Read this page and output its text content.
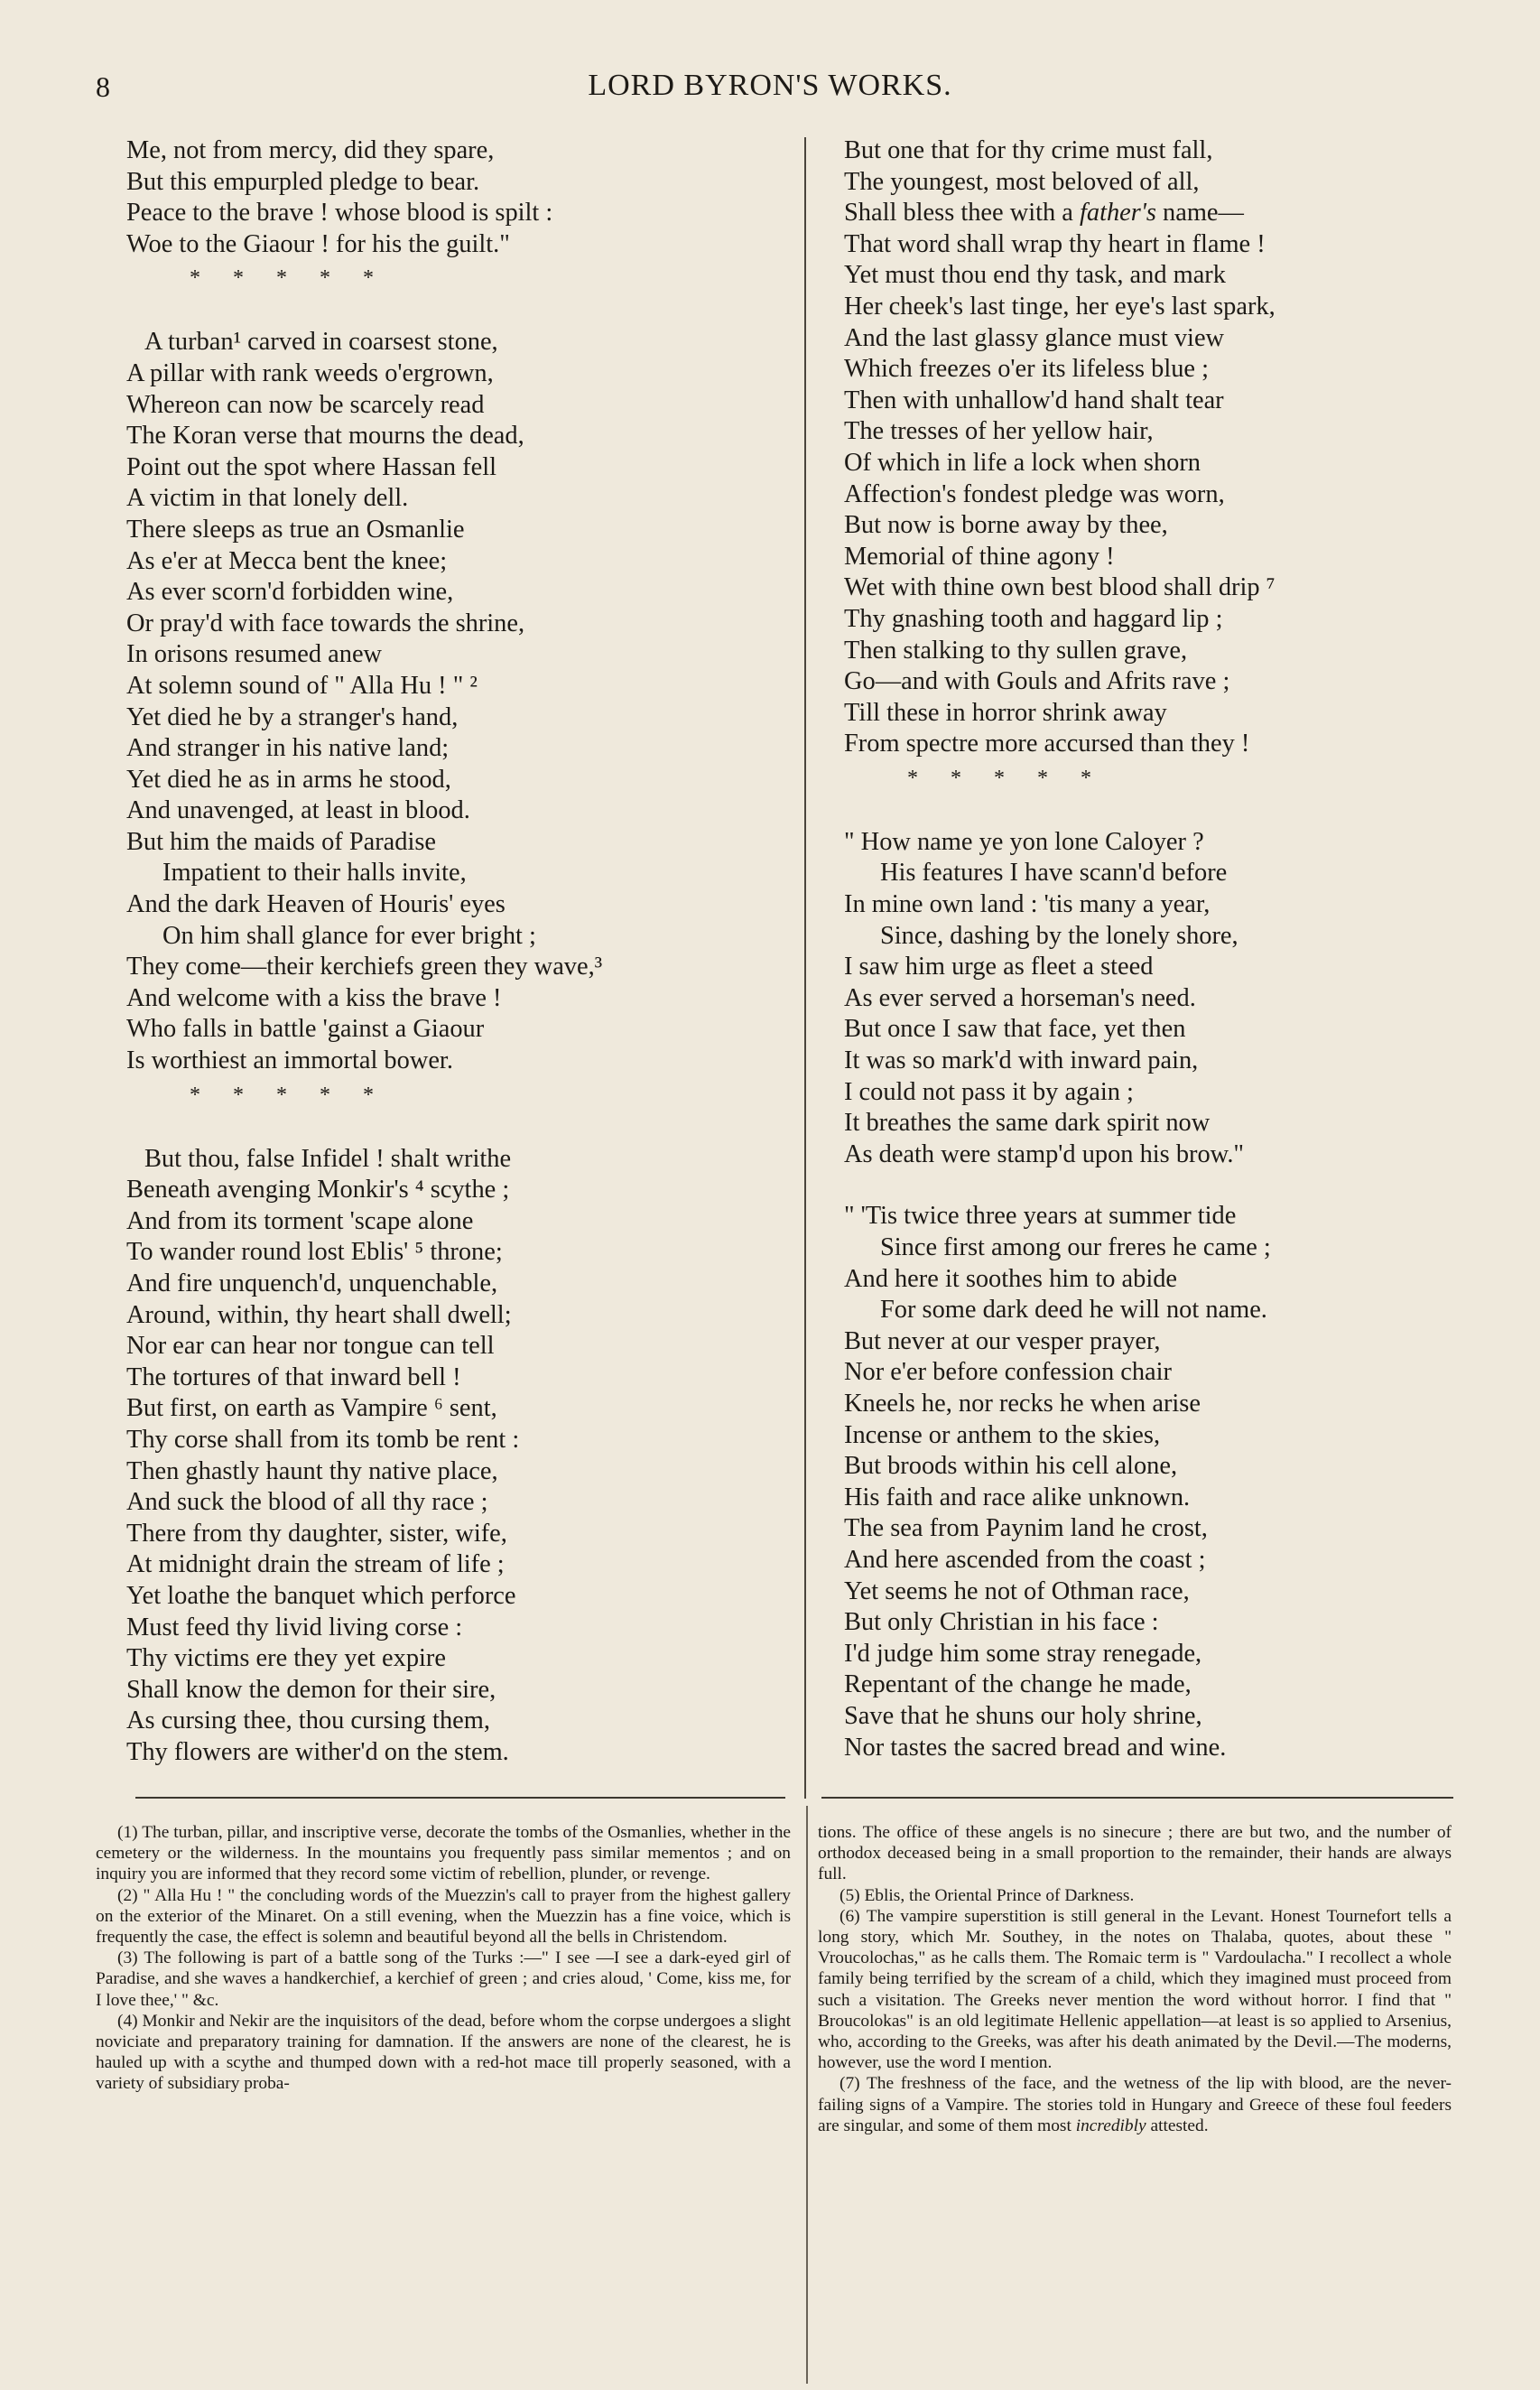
8	LORD BYRON'S WORKS.
Me, not from mercy, did they spare,
But this empurpled pledge to bear.
Peace to the brave ! whose blood is spilt :
Woe to the Giaour ! for his the guilt."
*      *      *      *      *
A turban¹ carved in coarsest stone,
A pillar with rank weeds o'ergrown,
Whereon can now be scarcely read
The Koran verse that mourns the dead,
Point out the spot where Hassan fell
A victim in that lonely dell.
There sleeps as true an Osmanlie
As e'er at Mecca bent the knee;
As ever scorn'd forbidden wine,
Or pray'd with face towards the shrine,
In orisons resumed anew
At solemn sound of " Alla Hu ! " ²
Yet died he by a stranger's hand,
And stranger in his native land;
Yet died he as in arms he stood,
And unavenged, at least in blood.
But him the maids of Paradise
Impatient to their halls invite,
And the dark Heaven of Houris' eyes
On him shall glance for ever bright ;
They come—their kerchiefs green they wave,³
And welcome with a kiss the brave !
Who falls in battle 'gainst a Giaour
Is worthiest an immortal bower.
*      *      *      *      *
But thou, false Infidel ! shalt writhe
Beneath avenging Monkir's ⁴ scythe ;
And from its torment 'scape alone
To wander round lost Eblis' ⁵ throne;
And fire unquench'd, unquenchable,
Around, within, thy heart shall dwell;
Nor ear can hear nor tongue can tell
The tortures of that inward bell !
But first, on earth as Vampire ⁶ sent,
Thy corse shall from its tomb be rent :
Then ghastly haunt thy native place,
And suck the blood of all thy race ;
There from thy daughter, sister, wife,
At midnight drain the stream of life ;
Yet loathe the banquet which perforce
Must feed thy livid living corse :
Thy victims ere they yet expire
Shall know the demon for their sire,
As cursing thee, thou cursing them,
Thy flowers are wither'd on the stem.
But one that for thy crime must fall,
The youngest, most beloved of all,
Shall bless thee with a father's name—
That word shall wrap thy heart in flame !
Yet must thou end thy task, and mark
Her cheek's last tinge, her eye's last spark,
And the last glassy glance must view
Which freezes o'er its lifeless blue ;
Then with unhallow'd hand shalt tear
The tresses of her yellow hair,
Of which in life a lock when shorn
Affection's fondest pledge was worn,
But now is borne away by thee,
Memorial of thine agony !
Wet with thine own best blood shall drip ⁷
Thy gnashing tooth and haggard lip ;
Then stalking to thy sullen grave,
Go—and with Gouls and Afrits rave ;
Till these in horror shrink away
From spectre more accursed than they !
*      *      *      *      *
" How name ye yon lone Caloyer ?
His features I have scann'd before
In mine own land : 'tis many a year,
Since, dashing by the lonely shore,
I saw him urge as fleet a steed
As ever served a horseman's need.
But once I saw that face, yet then
It was so mark'd with inward pain,
I could not pass it by again ;
It breathes the same dark spirit now
As death were stamp'd upon his brow."
" 'Tis twice three years at summer tide
Since first among our freres he came ;
And here it soothes him to abide
For some dark deed he will not name.
But never at our vesper prayer,
Nor e'er before confession chair
Kneels he, nor recks he when arise
Incense or anthem to the skies,
But broods within his cell alone,
His faith and race alike unknown.
The sea from Paynim land he crost,
And here ascended from the coast ;
Yet seems he not of Othman race,
But only Christian in his face :
I'd judge him some stray renegade,
Repentant of the change he made,
Save that he shuns our holy shrine,
Nor tastes the sacred bread and wine.

(1) The turban, pillar, and inscriptive verse, decorate the tombs of the Osmanlies, whether in the cemetery or the wilderness. In the mountains you frequently pass similar mementos ; and on inquiry you are informed that they record some victim of rebellion, plunder, or revenge.

(2) " Alla Hu ! " the concluding words of the Muezzin's call to prayer from the highest gallery on the exterior of the Minaret. On a still evening, when the Muezzin has a fine voice, which is frequently the case, the effect is solemn and beautiful beyond all the bells in Christendom.

(3) The following is part of a battle song of the Turks :—" I see —I see a dark-eyed girl of Paradise, and she waves a handkerchief, a kerchief of green ; and cries aloud, ' Come, kiss me, for I love thee,' " &c.

(4) Monkir and Nekir are the inquisitors of the dead, before whom the corpse undergoes a slight noviciate and preparatory training for damnation. If the answers are none of the clearest, he is hauled up with a scythe and thumped down with a red-hot mace till properly seasoned, with a variety of subsidiary proba-

tions. The office of these angels is no sinecure ; there are but two, and the number of orthodox deceased being in a small proportion to the remainder, their hands are always full.

(5) Eblis, the Oriental Prince of Darkness.

(6) The vampire superstition is still general in the Levant. Honest Tournefort tells a long story, which Mr. Southey, in the notes on Thalaba, quotes, about these " Vroucolochas," as he calls them. The Romaic term is " Vardoulacha." I recollect a whole family being terrified by the scream of a child, which they imagined must proceed from such a visitation. The Greeks never mention the word without horror. I find that " Broucolokas" is an old legitimate Hellenic appellation—at least is so applied to Arsenius, who, according to the Greeks, was after his death animated by the Devil.—The moderns, however, use the word I mention.

(7) The freshness of the face, and the wetness of the lip with blood, are the never-failing signs of a Vampire. The stories told in Hungary and Greece of these foul feeders are singular, and some of them most incredibly attested.
